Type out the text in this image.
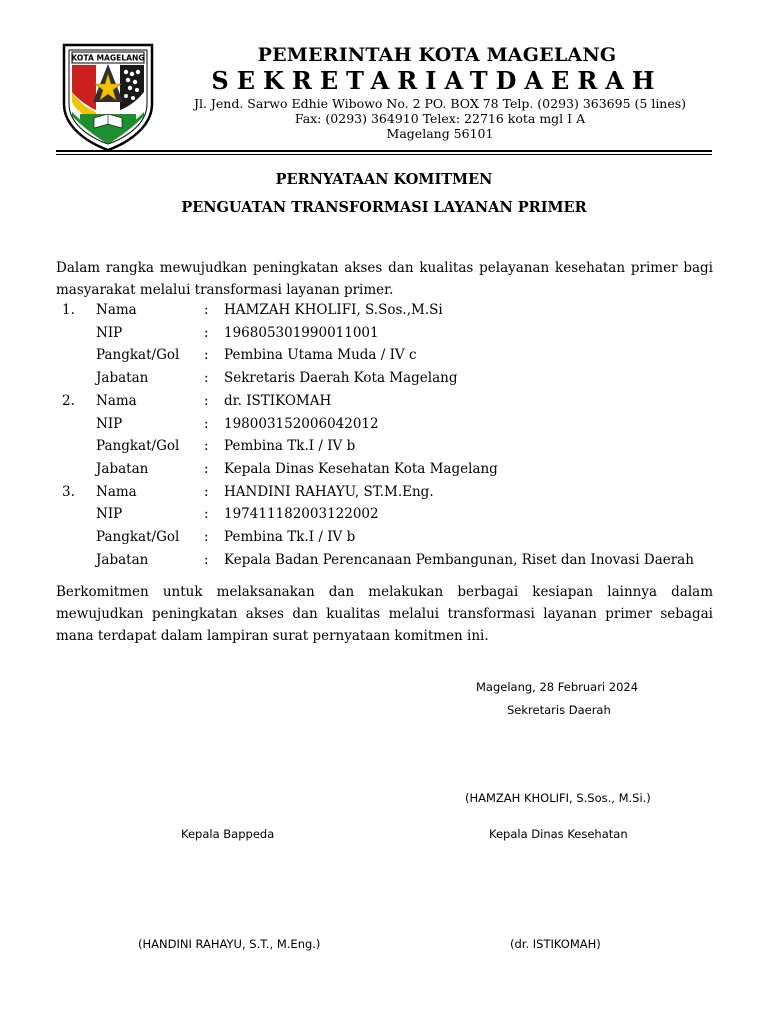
KOTA MAGELANG	PEMERINTAH KOTA MAGELANG
SEKRETARIATDAERAH
Jl. Jend. Sarwo Edhie Wibowo No. 2 PO. BOX 78 Telp. (0293) 363695 (5 lines)
Fax: (0293) 364910 Telex: 22716 kota mgl I A
Magelang 56101
PERNYATAAN KOMITMEN
PENGUATAN TRANSFORMASI LAYANAN PRIMER
Dalam rangka mewujudkan peningkatan akses dan kualitas pelayanan kesehatan primer bagi masyarakat melalui transformasi layanan primer.
1. Nama	: HAMZAH KHOLIFI, S.Sos.,M.Si
NIP	: 196805301990011001
Pangkat/Gol : Pembina Utama Muda / IV c
Jabatan	: Sekretaris Daerah Kota Magelang
2. Nama	: dr. ISTIKOMAH
NIP	: 198003152006042012
Pangkat/Gol : Pembina Tk.I / IV b
Jabatan	: Kepala Dinas Kesehatan Kota Magelang
3. Nama	: HANDINI RAHAYU, ST.M.Eng.
NIP	: 197411182003122002
Pangkat/Gol : Pembina Tk.I / IV b
Jabatan	: Kepala Badan Perencanaan Pembangunan, Riset dan Inovasi Daerah
Berkomitmen untuk melaksanakan dan melakukan berbagai kesiapan lainnya dalam mewujudkan peningkatan akses dan kualitas melalui transformasi layanan primer sebagai mana terdapat dalam lampiran surat pernyataan komitmen ini.
Magelang, 28 Februari 2024
Sekretaris Daerah
(HAMZAH KHOLIFI, S.Sos., M.Si.)
Kepala Bappeda	Kepala Dinas Kesehatan
(HANDINI RAHAYU, S.T., M.Eng.)	(dr. ISTIKOMAH)
